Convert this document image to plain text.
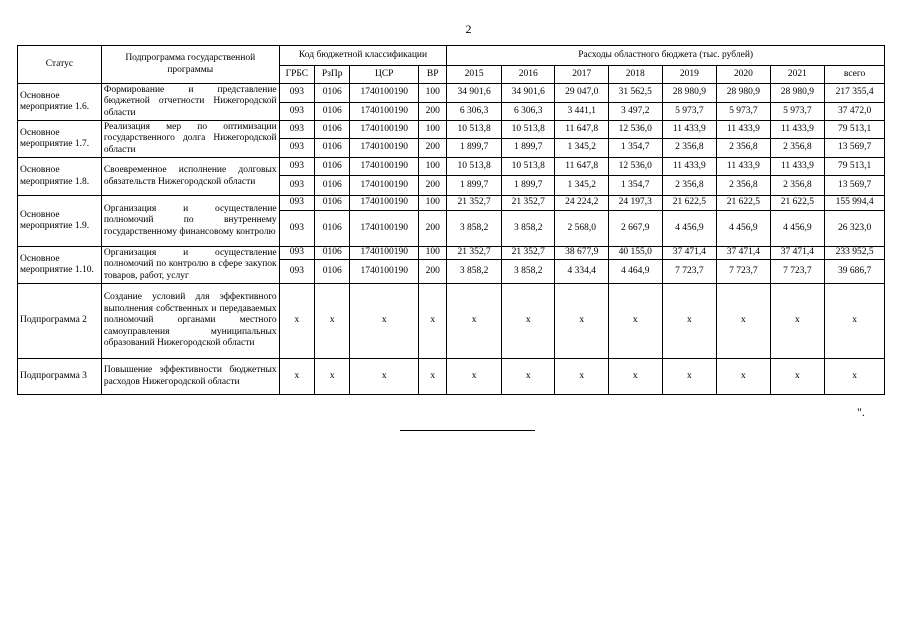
2
Статус	Подпрограмма государственной программы	Код бюджетной классификации				Расходы областного бюджета (тыс. рублей)							
		ГРБС	РзПр	ЦСР	ВР	2015	2016	2017	2018	2019	2020	2021	всего
Основное мероприятие 1.6.	Формирование и представление бюджетной отчетности Нижегородской области	093	0106	1740100190	100	34 901,6	34 901,6	29 047,0	31 562,5	28 980,9	28 980,9	28 980,9	217 355,4
		093	0106	1740100190	200	6 306,3	6 306,3	3 441,1	3 497,2	5 973,7	5 973,7	5 973,7	37 472,0
Основное мероприятие 1.7.	Реализация мер по оптимизации государственного долга Нижегородской области	093	0106	1740100190	100	10 513,8	10 513,8	11 647,8	12 536,0	11 433,9	11 433,9	11 433,9	79 513,1
		093	0106	1740100190	200	1 899,7	1 899,7	1 345,2	1 354,7	2 356,8	2 356,8	2 356,8	13 569,7
Основное мероприятие 1.8.	Своевременное исполнение долговых обязательств Нижегородской области	093	0106	1740100190	100	10 513,8	10 513,8	11 647,8	12 536,0	11 433,9	11 433,9	11 433,9	79 513,1
		093	0106	1740100190	200	1 899,7	1 899,7	1 345,2	1 354,7	2 356,8	2 356,8	2 356,8	13 569,7
Основное мероприятие 1.9.	Организация и осуществление полномочий по внутреннему государственному финансовому контролю	093	0106	1740100190	100	21 352,7	21 352,7	24 224,2	24 197,3	21 622,5	21 622,5	21 622,5	155 994,4
		093	0106	1740100190	200	3 858,2	3 858,2	2 568,0	2 667,9	4 456,9	4 456,9	4 456,9	26 323,0
Основное мероприятие 1.10.	Организация и осуществление полномочий по контролю в сфере закупок товаров, работ, услуг	093	0106	1740100190	100	21 352,7	21 352,7	38 677,9	40 155,0	37 471,4	37 471,4	37 471,4	233 952,5
		093	0106	1740100190	200	3 858,2	3 858,2	4 334,4	4 464,9	7 723,7	7 723,7	7 723,7	39 686,7
Подпрограмма 2	Создание условий для эффективного выполнения собственных и передаваемых полномочий органами местного самоуправления муниципальных образований Нижегородской области	x	x	x	x	x	x	x	x	x	x	x	x
Подпрограмма 3	Повышение эффективности бюджетных расходов Нижегородской области	x	x	x	x	x	x	x	x	x	x	x	x
".
